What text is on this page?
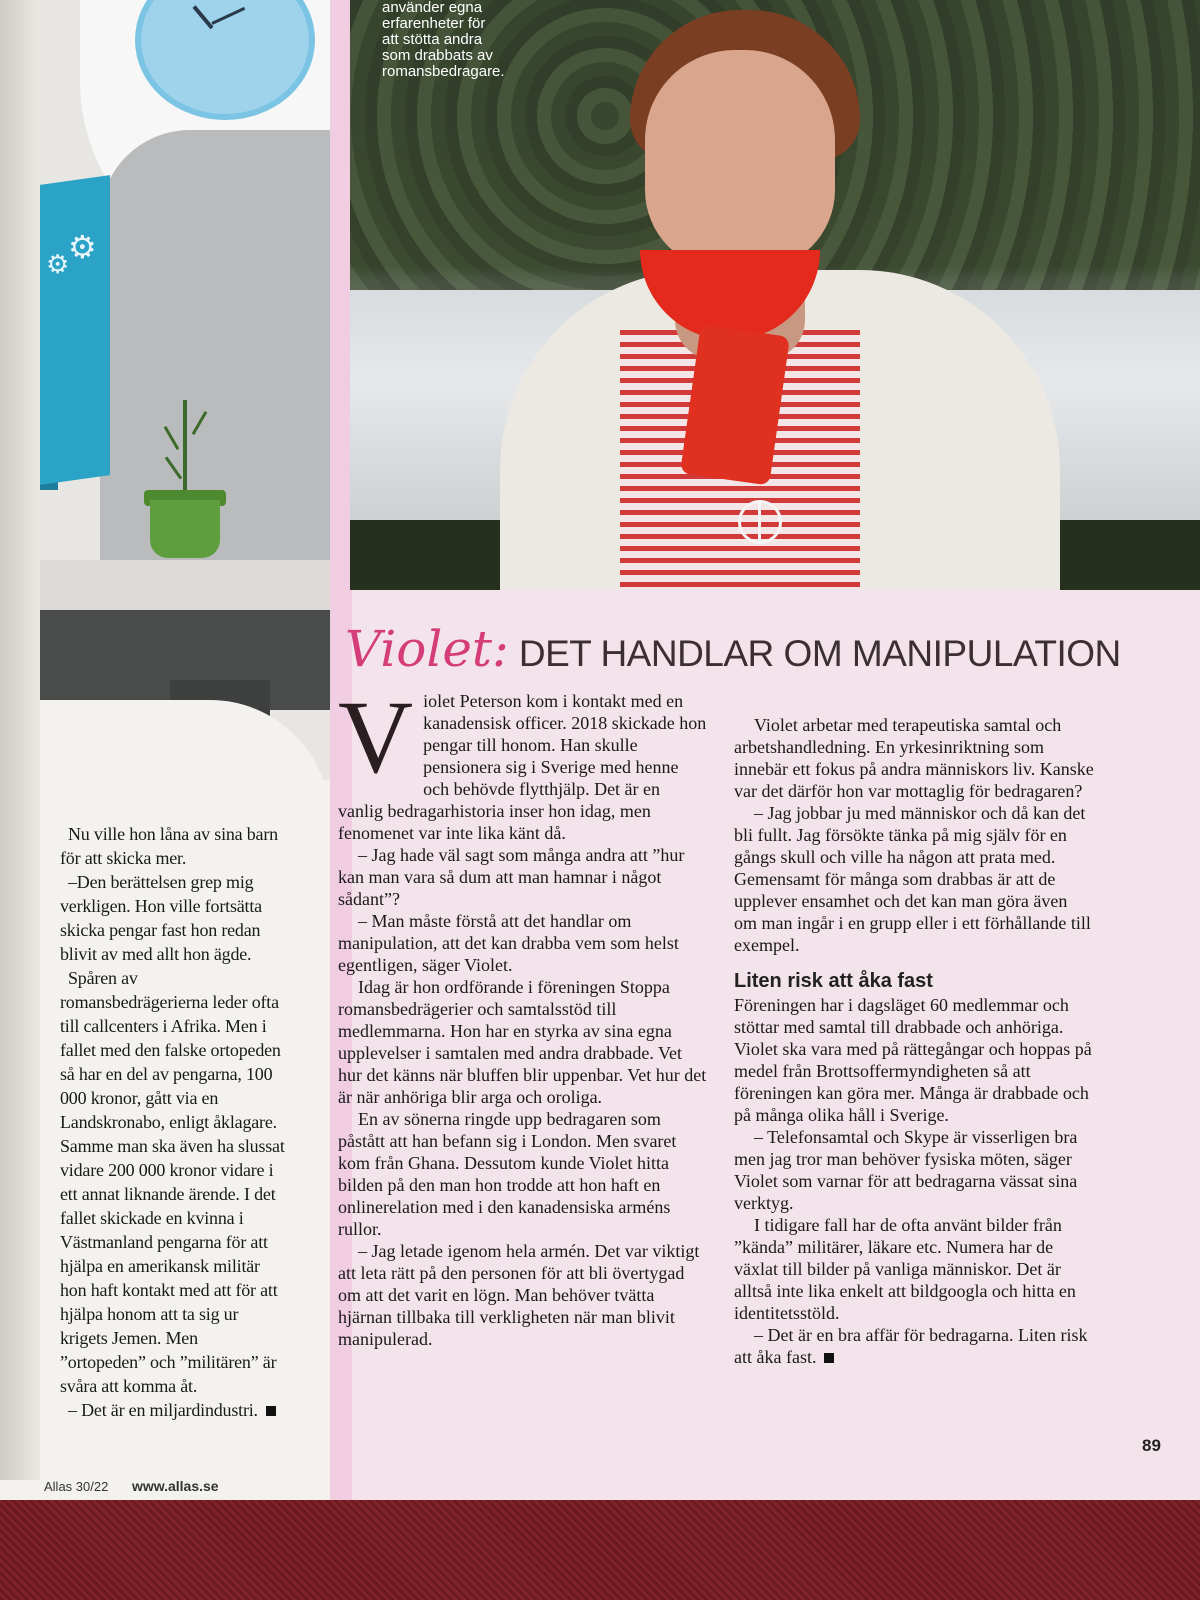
⚙
⚙

Nu ville hon låna av sina barn för att skicka mer.

–Den berättelsen grep mig verkligen. Hon ville fortsätta skicka pengar fast hon redan blivit av med allt hon ägde.

Spåren av romansbedrägerierna leder ofta till callcenters i Afrika. Men i fallet med den falske ortopeden så har en del av pengarna, 100 000 kronor, gått via en Landskronabo, enligt åklagare. Samme man ska även ha slussat vidare 200 000 kronor vidare i ett annat liknande ärende. I det fallet skickade en kvinna i Västmanland pengarna för att hjälpa en amerikansk militär hon haft kontakt med att för att hjälpa honom att ta sig ur krigets Jemen. Men ”ortopeden” och ”militären” är svåra att komma åt.

– Det är en miljardindustri.

Allas 30/22 www.allas.se
använder egna
erfarenheter för
att stötta andra
som drabbats av
romansbedragare.
Violet: DET HANDLAR OM MANIPULATION
V iolet Peterson kom i kontakt med en kanadensisk officer. 2018 skickade hon pengar till honom. Han skulle pensionera sig i Sverige med henne och behövde flytthjälp. Det är en vanlig bedragarhistoria inser hon idag, men fenomenet var inte lika känt då.

– Jag hade väl sagt som många andra att ”hur kan man vara så dum att man hamnar i något sådant”?

– Man måste förstå att det handlar om manipulation, att det kan drabba vem som helst egentligen, säger Violet.

Idag är hon ordförande i föreningen Stoppa romansbedrägerier och samtalsstöd till medlemmarna. Hon har en styrka av sina egna upplevelser i samtalen med andra drabbade. Vet hur det känns när bluffen blir uppenbar. Vet hur det är när anhöriga blir arga och oroliga.

En av sönerna ringde upp bedragaren som påstått att han befann sig i London. Men svaret kom från Ghana. Dessutom kunde Violet hitta bilden på den man hon trodde att hon haft en onlinerelation med i den kanadensiska arméns rullor.

– Jag letade igenom hela armén. Det var viktigt att leta rätt på den personen för att bli övertygad om att det varit en lögn. Man behöver tvätta hjärnan tillbaka till verkligheten när man blivit manipulerad.

Violet arbetar med terapeutiska samtal och arbetshandledning. En yrkesinriktning som innebär ett fokus på andra människors liv. Kanske var det därför hon var mottaglig för bedragaren?

– Jag jobbar ju med människor och då kan det bli fullt. Jag försökte tänka på mig själv för en gångs skull och ville ha någon att prata med. Gemensamt för många som drabbas är att de upplever ensamhet och det kan man göra även om man ingår i en grupp eller i ett förhållande till exempel.

Liten risk att åka fast

Föreningen har i dagsläget 60 medlemmar och stöttar med samtal till drabbade och anhöriga. Violet ska vara med på rättegångar och hoppas på medel från Brottsoffermyndigheten så att föreningen kan göra mer. Många är drabbade och på många olika håll i Sverige.

– Telefonsamtal och Skype är visserligen bra men jag tror man behöver fysiska möten, säger Violet som varnar för att bedragarna vässat sina verktyg.

I tidigare fall har de ofta använt bilder från ”kända” militärer, läkare etc. Numera har de växlat till bilder på vanliga människor. Det är alltså inte lika enkelt att bildgoogla och hitta en identitetsstöld.

– Det är en bra affär för bedragarna. Liten risk att åka fast.

89
